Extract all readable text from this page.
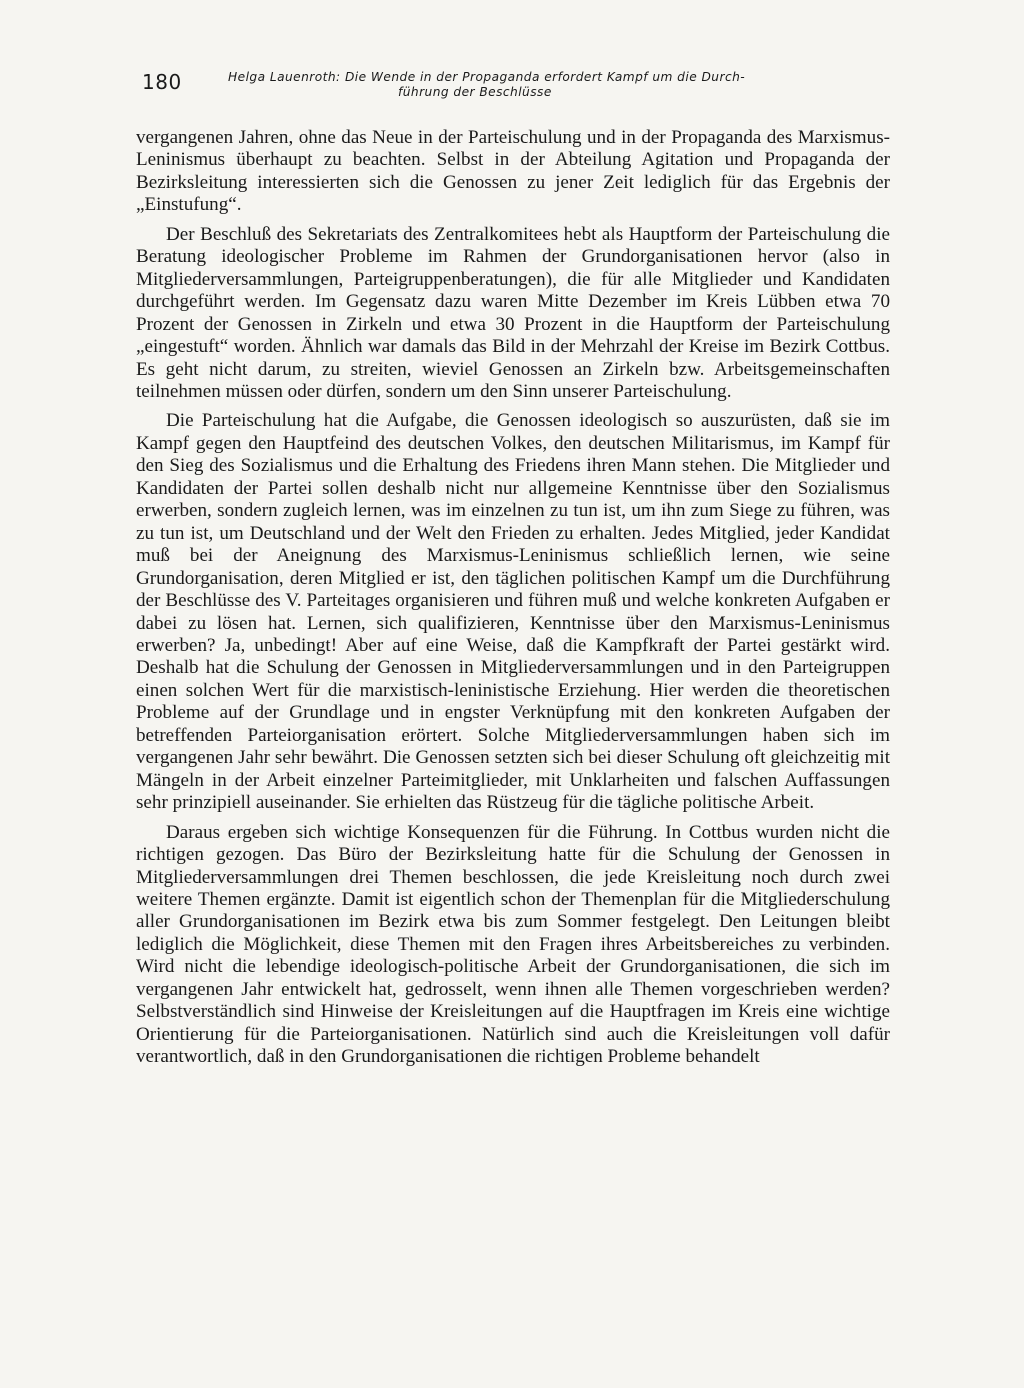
180	Helga Lauenroth: Die Wende in der Propaganda erfordert Kampf um die Durch-
führung der Beschlüsse

vergangenen Jahren, ohne das Neue in der Parteischulung und in der Propaganda des Marxismus-Leninismus überhaupt zu beachten. Selbst in der Abteilung Agitation und Propaganda der Bezirksleitung interessierten sich die Genossen zu jener Zeit lediglich für das Ergebnis der „Einstufung“.

Der Beschluß des Sekretariats des Zentralkomitees hebt als Hauptform der Parteischulung die Beratung ideologischer Probleme im Rahmen der Grundorganisationen hervor (also in Mitgliederversammlungen, Parteigruppenberatungen), die für alle Mitglieder und Kandidaten durchgeführt werden. Im Gegensatz dazu waren Mitte Dezember im Kreis Lübben etwa 70 Prozent der Genossen in Zirkeln und etwa 30 Prozent in die Hauptform der Parteischulung „eingestuft“ worden. Ähnlich war damals das Bild in der Mehrzahl der Kreise im Bezirk Cottbus. Es geht nicht darum, zu streiten, wieviel Genossen an Zirkeln bzw. Arbeitsgemeinschaften teilnehmen müssen oder dürfen, sondern um den Sinn unserer Parteischulung.

Die Parteischulung hat die Aufgabe, die Genossen ideologisch so auszurüsten, daß sie im Kampf gegen den Hauptfeind des deutschen Volkes, den deutschen Militarismus, im Kampf für den Sieg des Sozialismus und die Erhaltung des Friedens ihren Mann stehen. Die Mitglieder und Kandidaten der Partei sollen deshalb nicht nur allgemeine Kenntnisse über den Sozialismus erwerben, sondern zugleich lernen, was im einzelnen zu tun ist, um ihn zum Siege zu führen, was zu tun ist, um Deutschland und der Welt den Frieden zu erhalten. Jedes Mitglied, jeder Kandidat muß bei der Aneignung des Marxismus-Leninismus schließlich lernen, wie seine Grundorganisation, deren Mitglied er ist, den täglichen politischen Kampf um die Durchführung der Beschlüsse des V. Parteitages organisieren und führen muß und welche konkreten Aufgaben er dabei zu lösen hat. Lernen, sich qualifizieren, Kenntnisse über den Marxismus-Leninismus erwerben? Ja, unbedingt! Aber auf eine Weise, daß die Kampfkraft der Partei gestärkt wird. Deshalb hat die Schulung der Genossen in Mitgliederversammlungen und in den Parteigruppen einen solchen Wert für die marxistisch-leninistische Erziehung. Hier werden die theoretischen Probleme auf der Grundlage und in engster Verknüpfung mit den konkreten Aufgaben der betreffenden Parteiorganisation erörtert. Solche Mitgliederversammlungen haben sich im vergangenen Jahr sehr bewährt. Die Genossen setzten sich bei dieser Schulung oft gleichzeitig mit Mängeln in der Arbeit einzelner Parteimitglieder, mit Unklarheiten und falschen Auffassungen sehr prinzipiell auseinander. Sie erhielten das Rüstzeug für die tägliche politische Arbeit.

Daraus ergeben sich wichtige Konsequenzen für die Führung. In Cottbus wurden nicht die richtigen gezogen. Das Büro der Bezirksleitung hatte für die Schulung der Genossen in Mitgliederversammlungen drei Themen beschlossen, die jede Kreisleitung noch durch zwei weitere Themen ergänzte. Damit ist eigentlich schon der Themenplan für die Mitgliederschulung aller Grundorganisationen im Bezirk etwa bis zum Sommer festgelegt. Den Leitungen bleibt lediglich die Möglichkeit, diese Themen mit den Fragen ihres Arbeitsbereiches zu verbinden. Wird nicht die lebendige ideologisch-politische Arbeit der Grundorganisationen, die sich im vergangenen Jahr entwickelt hat, gedrosselt, wenn ihnen alle Themen vorgeschrieben werden? Selbstverständlich sind Hinweise der Kreisleitungen auf die Hauptfragen im Kreis eine wichtige Orientierung für die Parteiorganisationen. Natürlich sind auch die Kreisleitungen voll dafür verantwortlich, daß in den Grundorganisationen die richtigen Probleme behandelt
